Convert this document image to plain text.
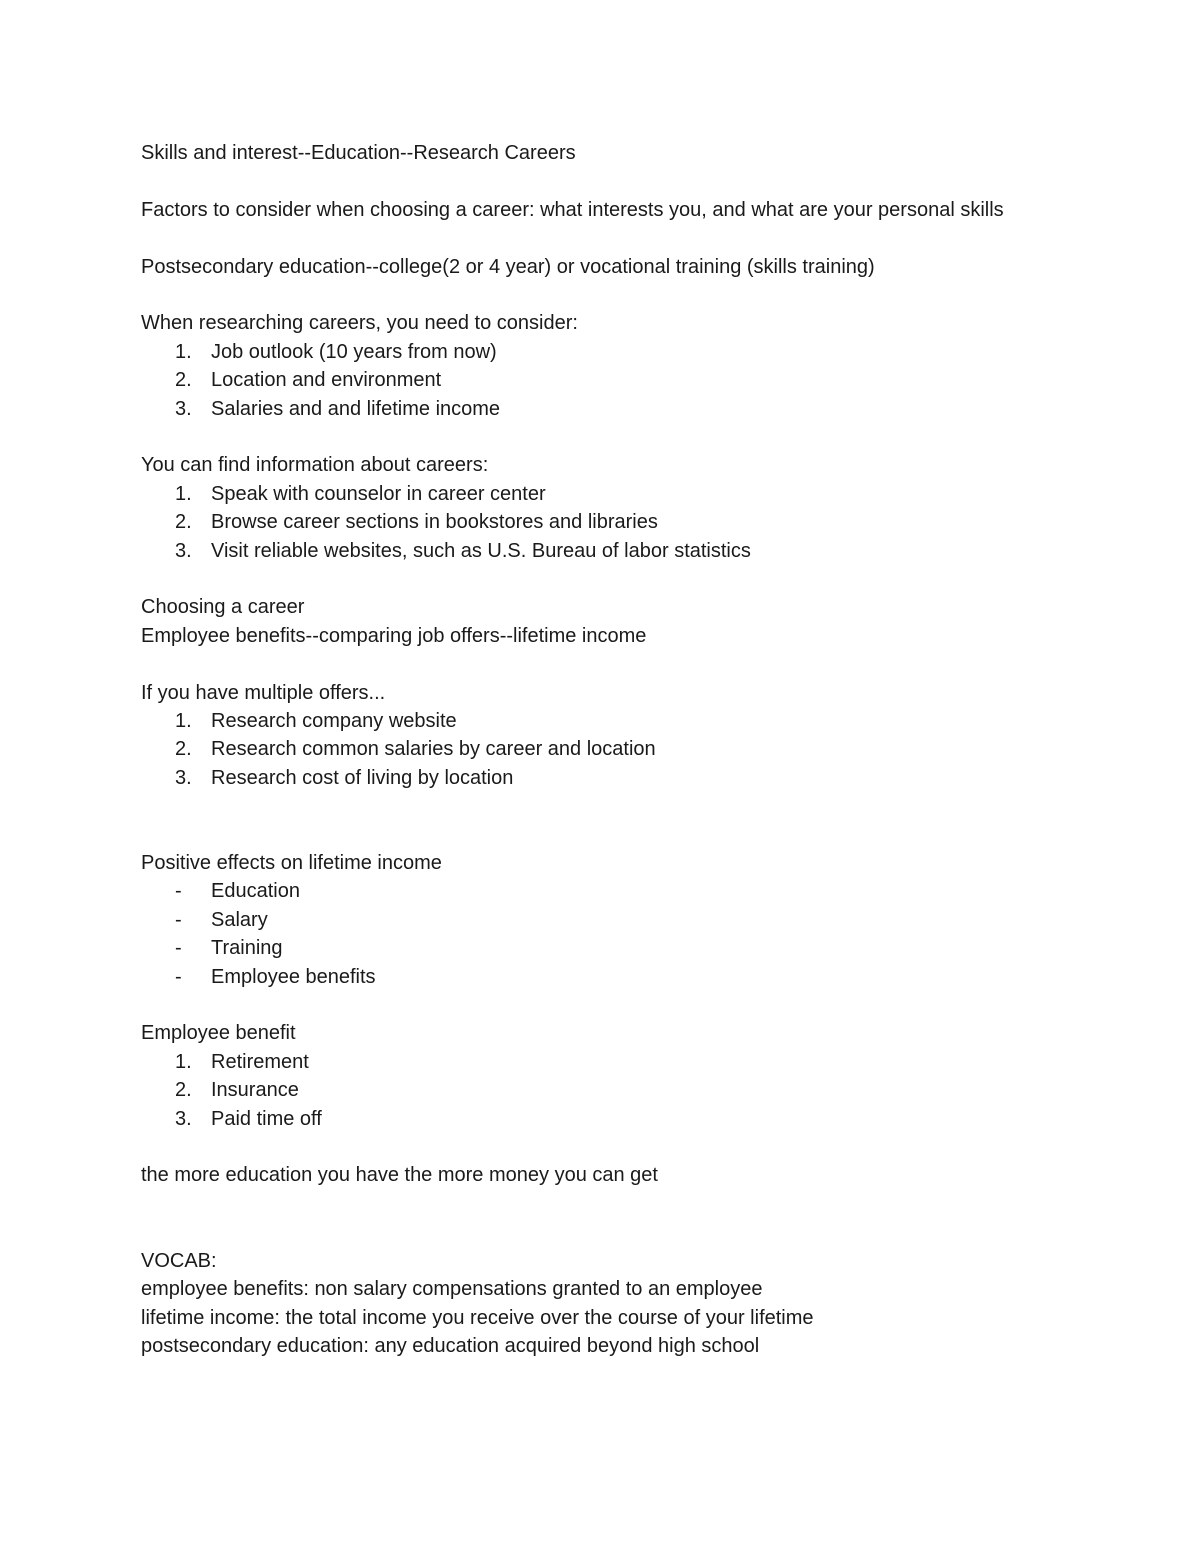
Skills and interest--Education--Research Careers

Factors to consider when choosing a career: what interests you, and what are your personal skills

Postsecondary education--college(2 or 4 year) or vocational training (skills training)

When researching careers, you need to consider:

1. Job outlook (10 years from now)
2. Location and environment
3. Salaries and and lifetime income

You can find information about careers:

1. Speak with counselor in career center
2. Browse career sections in bookstores and libraries
3. Visit reliable websites, such as U.S. Bureau of labor statistics

Choosing a career

Employee benefits--comparing job offers--lifetime income

If you have multiple offers...

1. Research company website
2. Research common salaries by career and location
3. Research cost of living by location

Positive effects on lifetime income

-	Education
-	Salary
-	Training
-	Employee benefits

Employee benefit

1. Retirement
2. Insurance
3. Paid time off

the more education you have the more money you can get

VOCAB:

employee benefits: non salary compensations granted to an employee

lifetime income: the total income you receive over the course of your lifetime

postsecondary education: any education acquired beyond high school
